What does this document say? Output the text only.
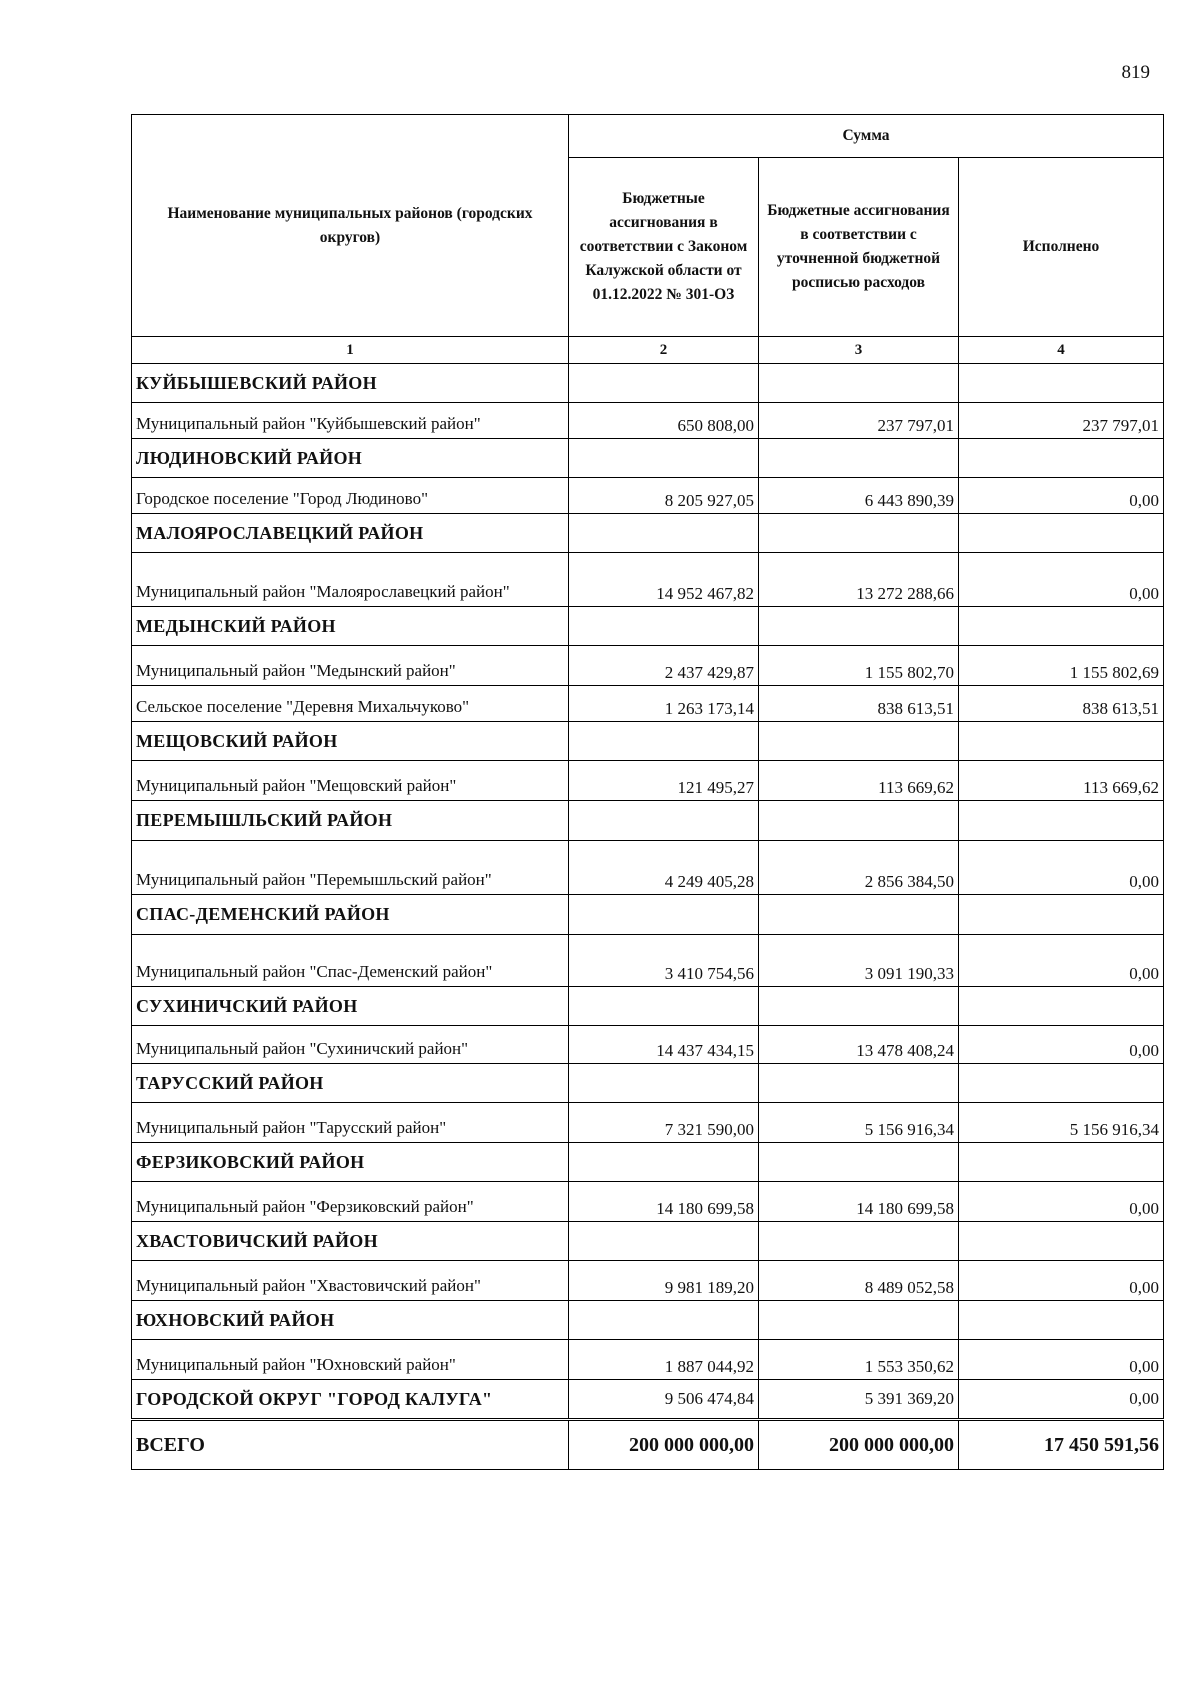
819
Наименование муниципальных районов (городских округов)	Сумма		
	Бюджетные ассигнования в соответствии с Законом Калужской области от 01.12.2022 № 301-ОЗ	Бюджетные ассигнования в соответствии с уточненной бюджетной росписью расходов	Исполнено
1	2	3	4
КУЙБЫШЕВСКИЙ РАЙОН			
Муниципальный район "Куйбышевский район"	650 808,00	237 797,01	237 797,01
ЛЮДИНОВСКИЙ РАЙОН			
Городское поселение "Город Людиново"	8 205 927,05	6 443 890,39	0,00
МАЛОЯРОСЛАВЕЦКИЙ РАЙОН			
Муниципальный район "Малоярославецкий район"	14 952 467,82	13 272 288,66	0,00
МЕДЫНСКИЙ РАЙОН			
Муниципальный район "Медынский район"	2 437 429,87	1 155 802,70	1 155 802,69
Сельское поселение "Деревня Михальчуково"	1 263 173,14	838 613,51	838 613,51
МЕЩОВСКИЙ РАЙОН			
Муниципальный район "Мещовский район"	121 495,27	113 669,62	113 669,62
ПЕРЕМЫШЛЬСКИЙ РАЙОН			
Муниципальный район "Перемышльский район"	4 249 405,28	2 856 384,50	0,00
СПАС-ДЕМЕНСКИЙ РАЙОН			
Муниципальный район "Спас-Деменский район"	3 410 754,56	3 091 190,33	0,00
СУХИНИЧСКИЙ РАЙОН			
Муниципальный район "Сухиничский район"	14 437 434,15	13 478 408,24	0,00
ТАРУССКИЙ РАЙОН			
Муниципальный район "Тарусский район"	7 321 590,00	5 156 916,34	5 156 916,34
ФЕРЗИКОВСКИЙ РАЙОН			
Муниципальный район "Ферзиковский район"	14 180 699,58	14 180 699,58	0,00
ХВАСТОВИЧСКИЙ РАЙОН			
Муниципальный район "Хвастовичский район"	9 981 189,20	8 489 052,58	0,00
ЮХНОВСКИЙ РАЙОН			
Муниципальный район "Юхновский район"	1 887 044,92	1 553 350,62	0,00
ГОРОДСКОЙ ОКРУГ "ГОРОД КАЛУГА"	9 506 474,84	5 391 369,20	0,00
ВСЕГО	200 000 000,00	200 000 000,00	17 450 591,56
